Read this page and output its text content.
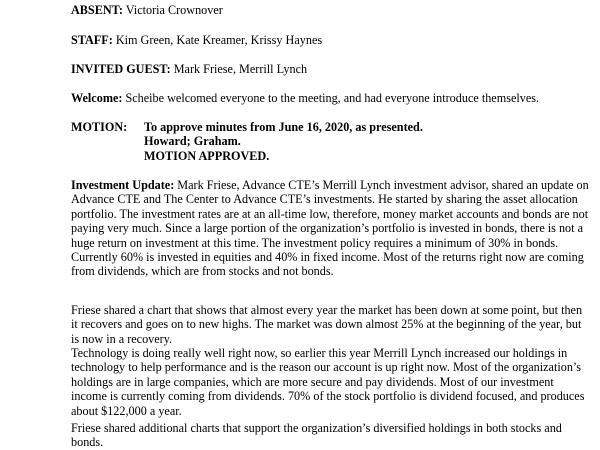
ABSENT: Victoria Crownover

STAFF: Kim Green, Kate Kreamer, Krissy Haynes

INVITED GUEST: Mark Friese, Merrill Lynch

Welcome: Scheibe welcomed everyone to the meeting, and had everyone introduce themselves.

MOTION: To approve minutes from June 16, 2020, as presented.
Howard; Graham.
MOTION APPROVED.

Investment Update: Mark Friese, Advance CTE’s Merrill Lynch investment advisor, shared an update on Advance CTE and The Center to Advance CTE’s investments. He started by sharing the asset allocation portfolio. The investment rates are at an all-time low, therefore, money market accounts and bonds are not paying very much. Since a large portion of the organization’s portfolio is invested in bonds, there is not a huge return on investment at this time. The investment policy requires a minimum of 30% in bonds. Currently 60% is invested in equities and 40% in fixed income. Most of the returns right now are coming from dividends, which are from stocks and not bonds.

Friese shared a chart that shows that almost every year the market has been down at some point, but then it recovers and goes on to new highs. The market was down almost 25% at the beginning of the year, but is now in a recovery.

Technology is doing really well right now, so earlier this year Merrill Lynch increased our holdings in technology to help performance and is the reason our account is up right now. Most of the organization’s holdings are in large companies, which are more secure and pay dividends. Most of our investment income is currently coming from dividends. 70% of the stock portfolio is dividend focused, and produces about $122,000 a year.

Friese shared additional charts that support the organization’s diversified holdings in both stocks and bonds.
